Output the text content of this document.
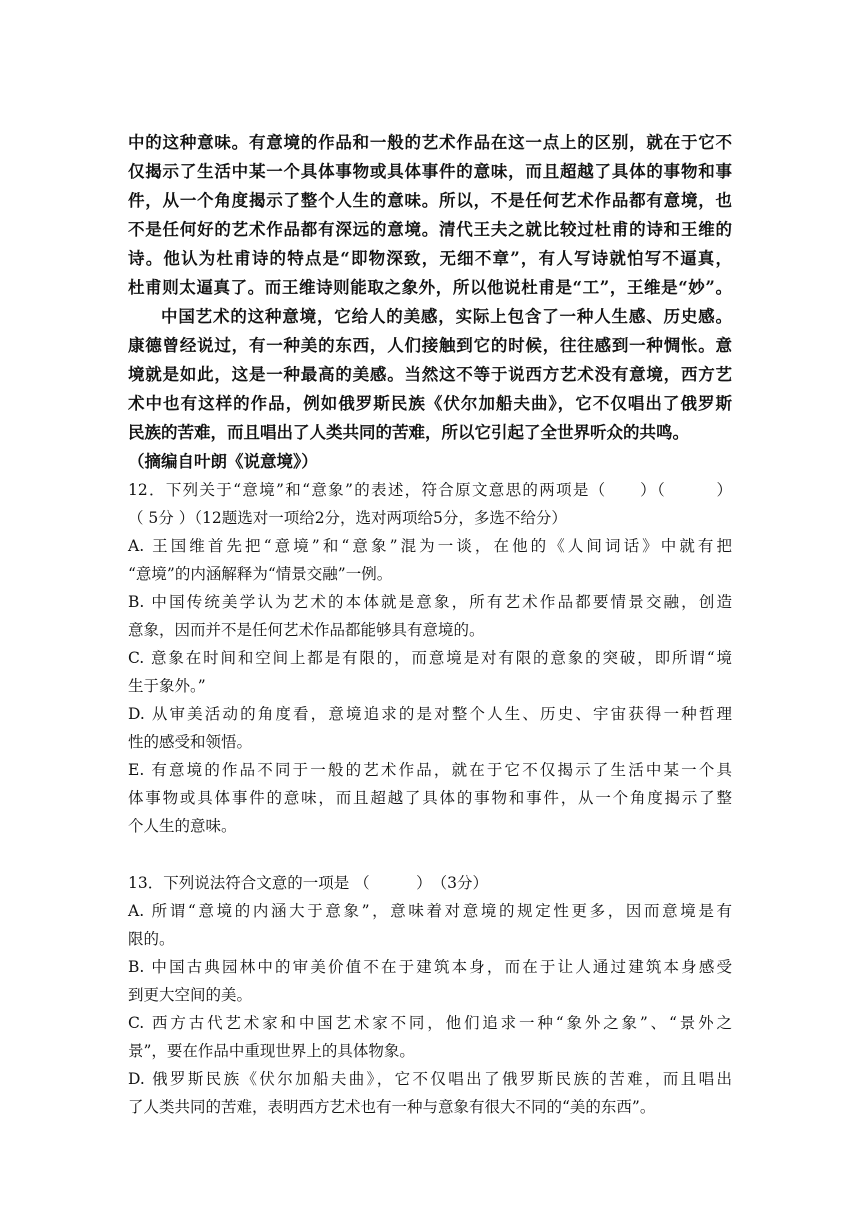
中的这种意味。有意境的作品和一般的艺术作品在这一点上的区别，就在于它不
仅揭示了生活中某一个具体事物或具体事件的意味，而且超越了具体的事物和事
件，从一个角度揭示了整个人生的意味。所以，不是任何艺术作品都有意境，也
不是任何好的艺术作品都有深远的意境。清代王夫之就比较过杜甫的诗和王维的
诗。他认为杜甫诗的特点是“即物深致，无细不章”，有人写诗就怕写不逼真，
杜甫则太逼真了。而王维诗则能取之象外，所以他说杜甫是“工”，王维是“妙”。
中国艺术的这种意境，它给人的美感，实际上包含了一种人生感、历史感。
康德曾经说过，有一种美的东西，人们接触到它的时候，往往感到一种惆怅。意
境就是如此，这是一种最高的美感。当然这不等于说西方艺术没有意境，西方艺
术中也有这样的作品，例如俄罗斯民族《伏尔加船夫曲》，它不仅唱出了俄罗斯
民族的苦难，而且唱出了人类共同的苦难，所以它引起了全世界听众的共鸣。
（摘编自叶朗《说意境》）
12．下列关于“意境”和“意象”的表述，符合原文意思的两项是（　　）（　　　）
（ 5分 ）（12题选对一项给2分，选对两项给5分，多选不给分）
A. 王国维首先把“意境”和“意象”混为一谈，在他的《人间词话》中就有把
“意境”的内涵解释为“情景交融”一例。
B. 中国传统美学认为艺术的本体就是意象，所有艺术作品都要情景交融，创造
意象，因而并不是任何艺术作品都能够具有意境的。
C. 意象在时间和空间上都是有限的，而意境是对有限的意象的突破，即所谓“境
生于象外。”
D. 从审美活动的角度看，意境追求的是对整个人生、历史、宇宙获得一种哲理
性的感受和领悟。
E. 有意境的作品不同于一般的艺术作品，就在于它不仅揭示了生活中某一个具
体事物或具体事件的意味，而且超越了具体的事物和事件，从一个角度揭示了整
个人生的意味。
13．下列说法符合文意的一项是 （　　　）　（3分）
A. 所谓“意境的内涵大于意象”，意味着对意境的规定性更多，因而意境是有
限的。
B. 中国古典园林中的审美价值不在于建筑本身，而在于让人通过建筑本身感受
到更大空间的美。
C. 西方古代艺术家和中国艺术家不同，他们追求一种“象外之象”、“景外之
景”，要在作品中重现世界上的具体物象。
D. 俄罗斯民族《伏尔加船夫曲》，它不仅唱出了俄罗斯民族的苦难，而且唱出
了人类共同的苦难，表明西方艺术也有一种与意象有很大不同的“美的东西”。
